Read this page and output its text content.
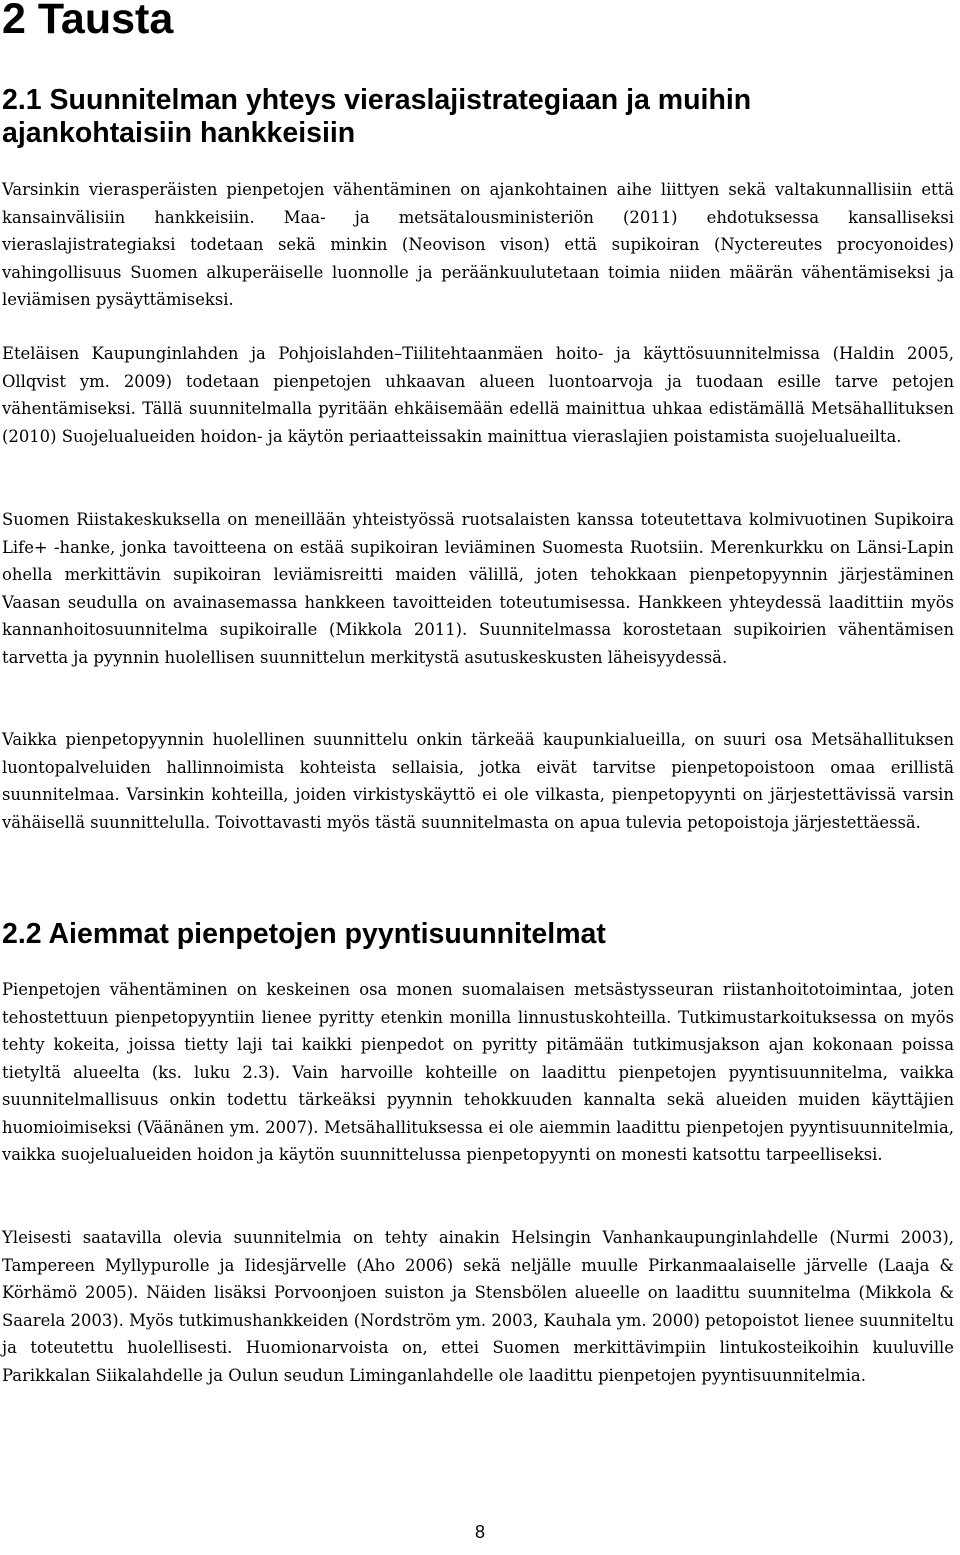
2 Tausta
2.1 Suunnitelman yhteys vieraslajistrategiaan ja muihin ajankohtaisiin hankkeisiin

Varsinkin vierasperäisten pienpetojen vähentäminen on ajankohtainen aihe liittyen sekä valtakunnallisiin että kansainvälisiin hankkeisiin. Maa- ja metsätalousministeriön (2011) ehdotuksessa kansalliseksi vieraslajistrategiaksi todetaan sekä minkin (Neovison vison) että supikoiran (Nyctereutes procyonoides) vahingollisuus Suomen alkuperäiselle luonnolle ja peräänkuulutetaan toimia niiden määrän vähentämiseksi ja leviämisen pysäyttämiseksi.

Eteläisen Kaupunginlahden ja Pohjoislahden–Tiilitehtaanmäen hoito- ja käyttösuunnitelmissa (Haldin 2005, Ollqvist ym. 2009) todetaan pienpetojen uhkaavan alueen luontoarvoja ja tuodaan esille tarve petojen vähentämiseksi. Tällä suunnitelmalla pyritään ehkäisemään edellä mainittua uhkaa edistämällä Metsähallituksen (2010) Suojelualueiden hoidon- ja käytön periaatteissakin mainittua vieraslajien poistamista suojelualueilta.

Suomen Riistakeskuksella on meneillään yhteistyössä ruotsalaisten kanssa toteutettava kolmivuotinen Supikoira Life+ -hanke, jonka tavoitteena on estää supikoiran leviäminen Suomesta Ruotsiin. Merenkurkku on Länsi-Lapin ohella merkittävin supikoiran leviämisreitti maiden välillä, joten tehokkaan pienpetopyynnin järjestäminen Vaasan seudulla on avainasemassa hankkeen tavoitteiden toteutumisessa. Hankkeen yhteydessä laadittiin myös kannanhoitosuunnitelma supikoiralle (Mikkola 2011). Suunnitelmassa korostetaan supikoirien vähentämisen tarvetta ja pyynnin huolellisen suunnittelun merkitystä asutuskeskusten läheisyydessä.

Vaikka pienpetopyynnin huolellinen suunnittelu onkin tärkeää kaupunkialueilla, on suuri osa Metsähallituksen luontopalveluiden hallinnoimista kohteista sellaisia, jotka eivät tarvitse pienpetopoistoon omaa erillistä suunnitelmaa. Varsinkin kohteilla, joiden virkistyskäyttö ei ole vilkasta, pienpetopyynti on järjestettävissä varsin vähäisellä suunnittelulla. Toivottavasti myös tästä suunnitelmasta on apua tulevia petopoistoja järjestettäessä.

2.2 Aiemmat pienpetojen pyyntisuunnitelmat

Pienpetojen vähentäminen on keskeinen osa monen suomalaisen metsästysseuran riistanhoitotoimintaa, joten tehostettuun pienpetopyyntiin lienee pyritty etenkin monilla linnustuskohteilla. Tutkimustarkoituksessa on myös tehty kokeita, joissa tietty laji tai kaikki pienpedot on pyritty pitämään tutkimusjakson ajan kokonaan poissa tietyltä alueelta (ks. luku 2.3). Vain harvoille kohteille on laadittu pienpetojen pyyntisuunnitelma, vaikka suunnitelmallisuus onkin todettu tärkeäksi pyynnin tehokkuuden kannalta sekä alueiden muiden käyttäjien huomioimiseksi (Väänänen ym. 2007). Metsähallituksessa ei ole aiemmin laadittu pienpetojen pyyntisuunnitelmia, vaikka suojelualueiden hoidon ja käytön suunnittelussa pienpetopyynti on monesti katsottu tarpeelliseksi.

Yleisesti saatavilla olevia suunnitelmia on tehty ainakin Helsingin Vanhankaupunginlahdelle (Nurmi 2003), Tampereen Myllypurolle ja Iidesjärvelle (Aho 2006) sekä neljälle muulle Pirkanmaalaiselle järvelle (Laaja & Körhämö 2005). Näiden lisäksi Porvoonjoen suiston ja Stensbölen alueelle on laadittu suunnitelma (Mikkola & Saarela 2003). Myös tutkimushankkeiden (Nordström ym. 2003, Kauhala ym. 2000) petopoistot lienee suunniteltu ja toteutettu huolellisesti. Huomionarvoista on, ettei Suomen merkittävimpiin lintukosteikoihin kuuluville Parikkalan Siikalahdelle ja Oulun seudun Liminganlahdelle ole laadittu pienpetojen pyyntisuunnitelmia.

8
